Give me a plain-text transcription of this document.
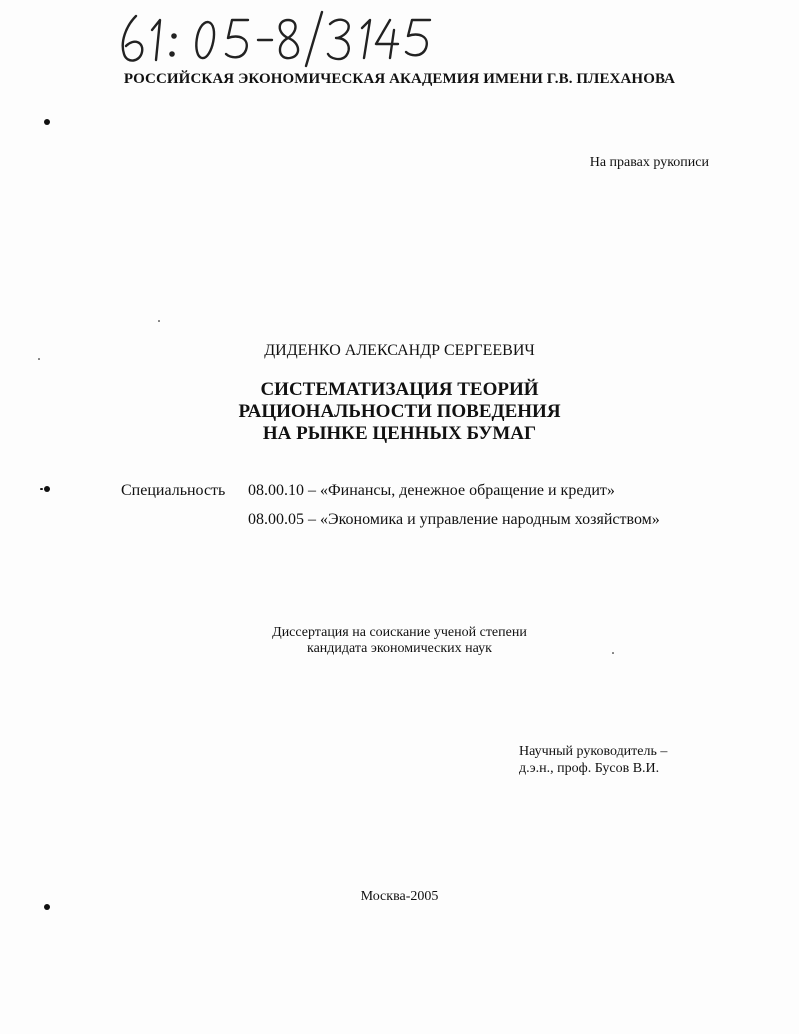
РОССИЙСКАЯ ЭКОНОМИЧЕСКАЯ АКАДЕМИЯ ИМЕНИ Г.В. ПЛЕХАНОВА
На правах рукописи
ДИДЕНКО АЛЕКСАНДР СЕРГЕЕВИЧ
СИСТЕМАТИЗАЦИЯ ТЕОРИЙ
РАЦИОНАЛЬНОСТИ ПОВЕДЕНИЯ
НА РЫНКЕ ЦЕННЫХ БУМАГ
Специальность 08.00.10 – «Финансы, денежное обращение и кредит»
08.00.05 – «Экономика и управление народным хозяйством»
Диссертация на соискание ученой степени
кандидата экономических наук
Научный руководитель –
д.э.н., проф. Бусов В.И.
Москва-2005
